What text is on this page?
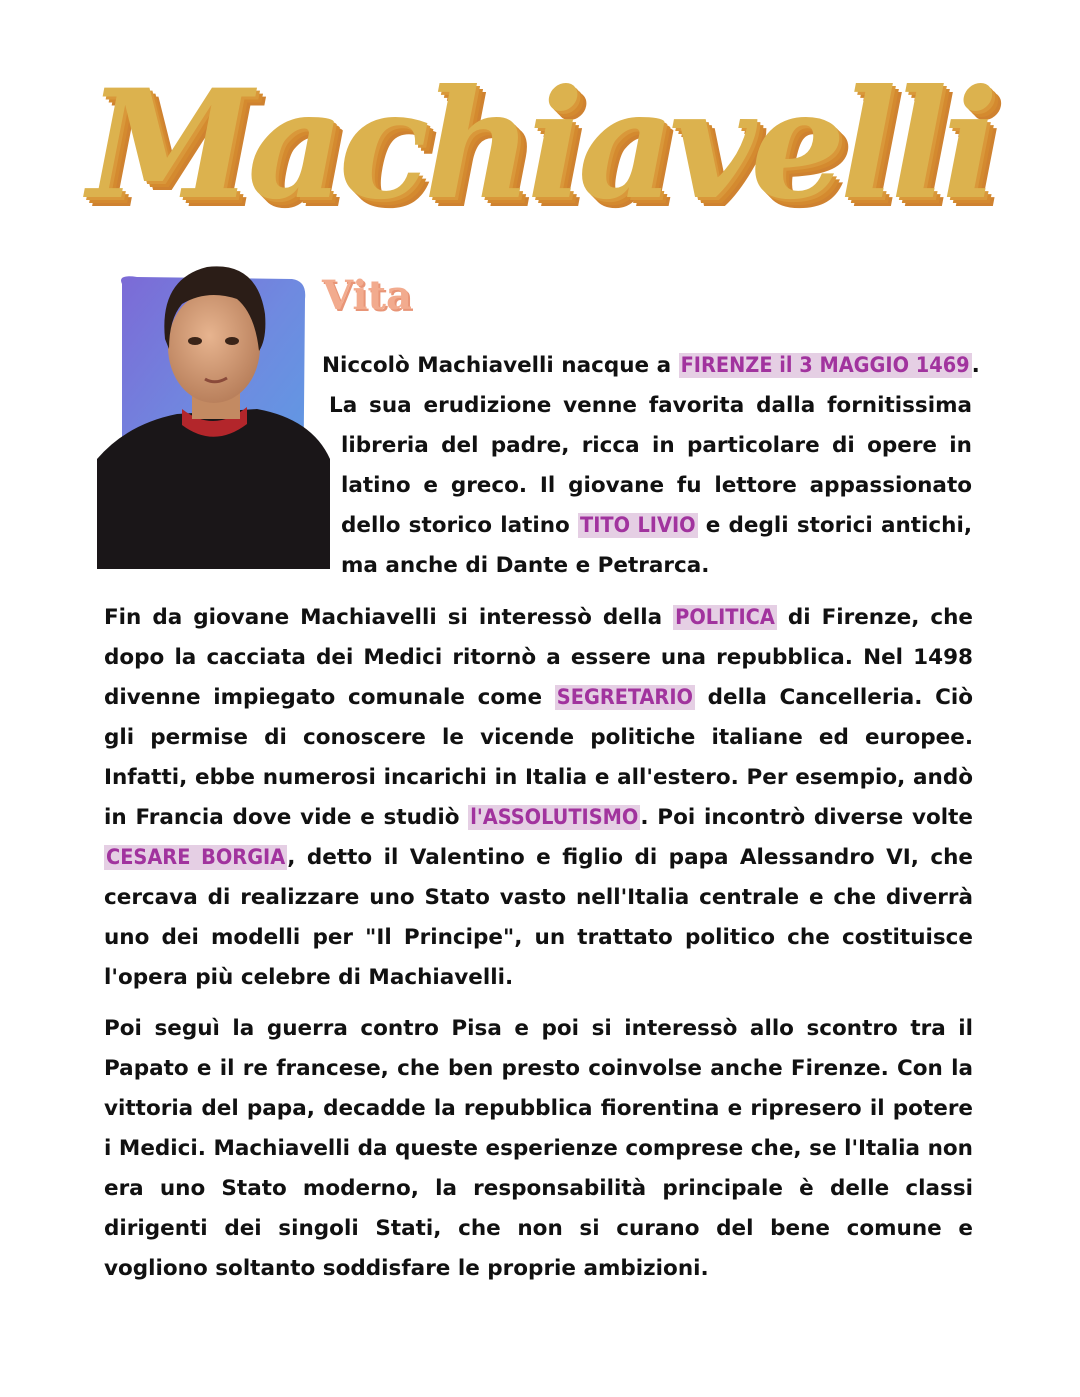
Machiavelli
Vita
Niccolò Machiavelli nacque a FIRENZE il 3 MAGGIO 1469.
La sua erudizione venne favorita dalla fornitissima
libreria del padre, ricca in particolare di opere in
latino e greco. Il giovane fu lettore appassionato
dello storico latino TITO LIVIO e degli storici antichi,
ma anche di Dante e Petrarca.
Fin da giovane Machiavelli si interessò della POLITICA di Firenze, che dopo la cacciata dei Medici ritornò a essere una repubblica. Nel 1498 divenne impiegato comunale come SEGRETARIO della Cancelleria. Ciò gli permise di conoscere le vicende politiche italiane ed europee. Infatti, ebbe numerosi incarichi in Italia e all'estero. Per esempio, andò in Francia dove vide e studiò l'ASSOLUTISMO. Poi incontrò diverse volte CESARE BORGIA, detto il Valentino e figlio di papa Alessandro VI, che cercava di realizzare uno Stato vasto nell'Italia centrale e che diverrà uno dei modelli per "Il Principe", un trattato politico che costituisce l'opera più celebre di Machiavelli.
Poi seguì la guerra contro Pisa e poi si interessò allo scontro tra il Papato e il re francese, che ben presto coinvolse anche Firenze. Con la vittoria del papa, decadde la repubblica fiorentina e ripresero il potere i Medici. Machiavelli da queste esperienze comprese che, se l'Italia non era uno Stato moderno, la responsabilità principale è delle classi dirigenti dei singoli Stati, che non si curano del bene comune e vogliono soltanto soddisfare le proprie ambizioni.
